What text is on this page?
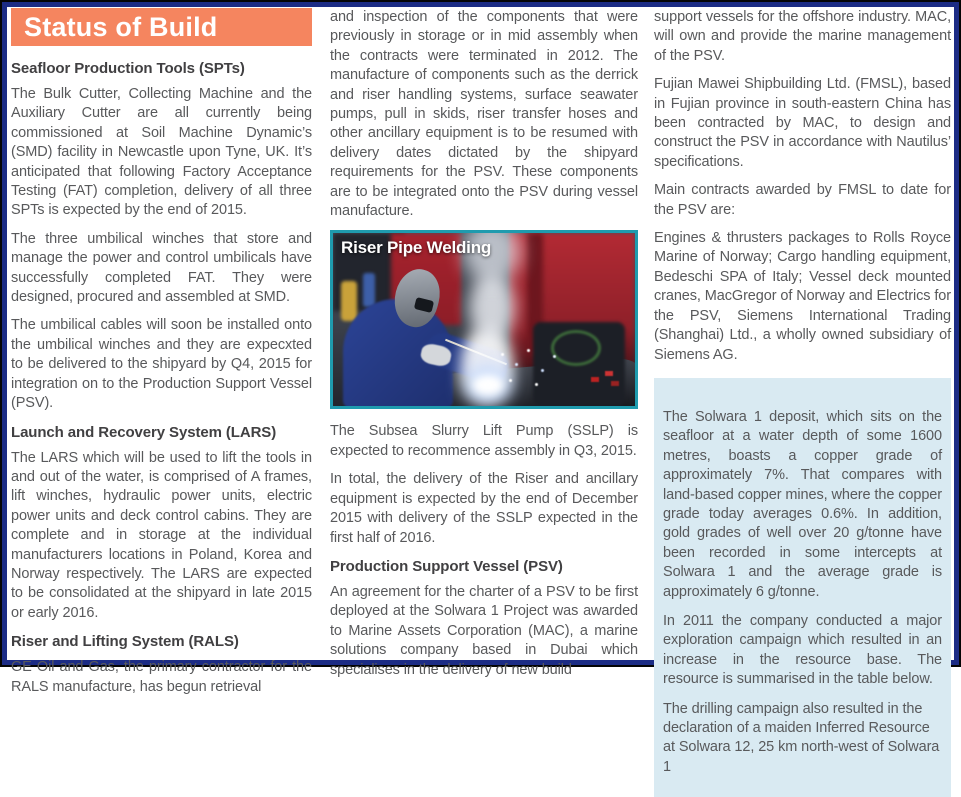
Status of Build
Seafloor Production Tools (SPTs)

The Bulk Cutter, Collecting Machine and the Auxiliary Cutter are all currently being commissioned at Soil Machine Dynamic’s (SMD) facility in Newcastle upon Tyne, UK. It’s anticipated that following Factory Acceptance Testing (FAT) completion, delivery of all three SPTs is expected by the end of 2015.

The three umbilical winches that store and manage the power and control umbilicals have successfully completed FAT. They were designed, procured and assembled at SMD.

The umbilical cables will soon be installed onto the umbilical winches and they are expecxted to be delivered to the shipyard by Q4, 2015 for integration on to the Production Support Vessel (PSV).

Launch and Recovery System (LARS)

The LARS which will be used to lift the tools in and out of the water, is comprised of A frames, lift winches, hydraulic power units, electric power units and deck control cabins. They are complete and in storage at the individual manufacturers locations in Poland, Korea and Norway respectively. The LARS are expected to be consolidated at the shipyard in late 2015 or early 2016.

Riser and Lifting System (RALS)

GE Oil and Gas, the primary contractor for the RALS manufacture, has begun retrieval

and inspection of the components that were previously in storage or in mid assembly when the contracts were terminated in 2012. The manufacture of components such as the derrick and riser handling systems, surface seawater pumps, pull in skids, riser transfer hoses and other ancillary equipment is to be resumed with delivery dates dictated by the shipyard requirements for the PSV. These components are to be integrated onto the PSV during vessel manufacture.

Riser Pipe Welding

The Subsea Slurry Lift Pump (SSLP) is expected to recommence assembly in Q3, 2015.

In total, the delivery of the Riser and ancillary equipment is expected by the end of December 2015 with delivery of the SSLP expected in the first half of 2016.

Production Support Vessel (PSV)

An agreement for the charter of a PSV to be first deployed at the Solwara 1 Project was awarded to Marine Assets Corporation (MAC), a marine solutions company based in Dubai which specialises in the delivery of new build

support vessels for the offshore industry. MAC, will own and provide the marine management of the PSV.

Fujian Mawei Shipbuilding Ltd. (FMSL), based in Fujian province in south-eastern China has been contracted by MAC, to design and construct the PSV in accordance with Nautilus’ specifications.

Main contracts awarded by FMSL to date for the PSV are:

Engines & thrusters packages to Rolls Royce Marine of Norway; Cargo handling equipment, Bedeschi SPA of Italy; Vessel deck mounted cranes, MacGregor of Norway and Electrics for the PSV, Siemens International Trading (Shanghai) Ltd., a wholly owned subsidiary of Siemens AG.

The Solwara 1 deposit, which sits on the seafloor at a water depth of some 1600 metres, boasts a copper grade of approximately 7%. That compares with land-based copper mines, where the copper grade today averages 0.6%. In addition, gold grades of well over 20 g/tonne have been recorded in some intercepts at Solwara 1 and the average grade is approximately 6 g/tonne.

In 2011 the company conducted a major exploration campaign which resulted in an increase in the resource base. The resource is summarised in the table below.

The drilling campaign also resulted in the declaration of a maiden Inferred Resource at Solwara 12, 25 km north-west of Solwara 1
